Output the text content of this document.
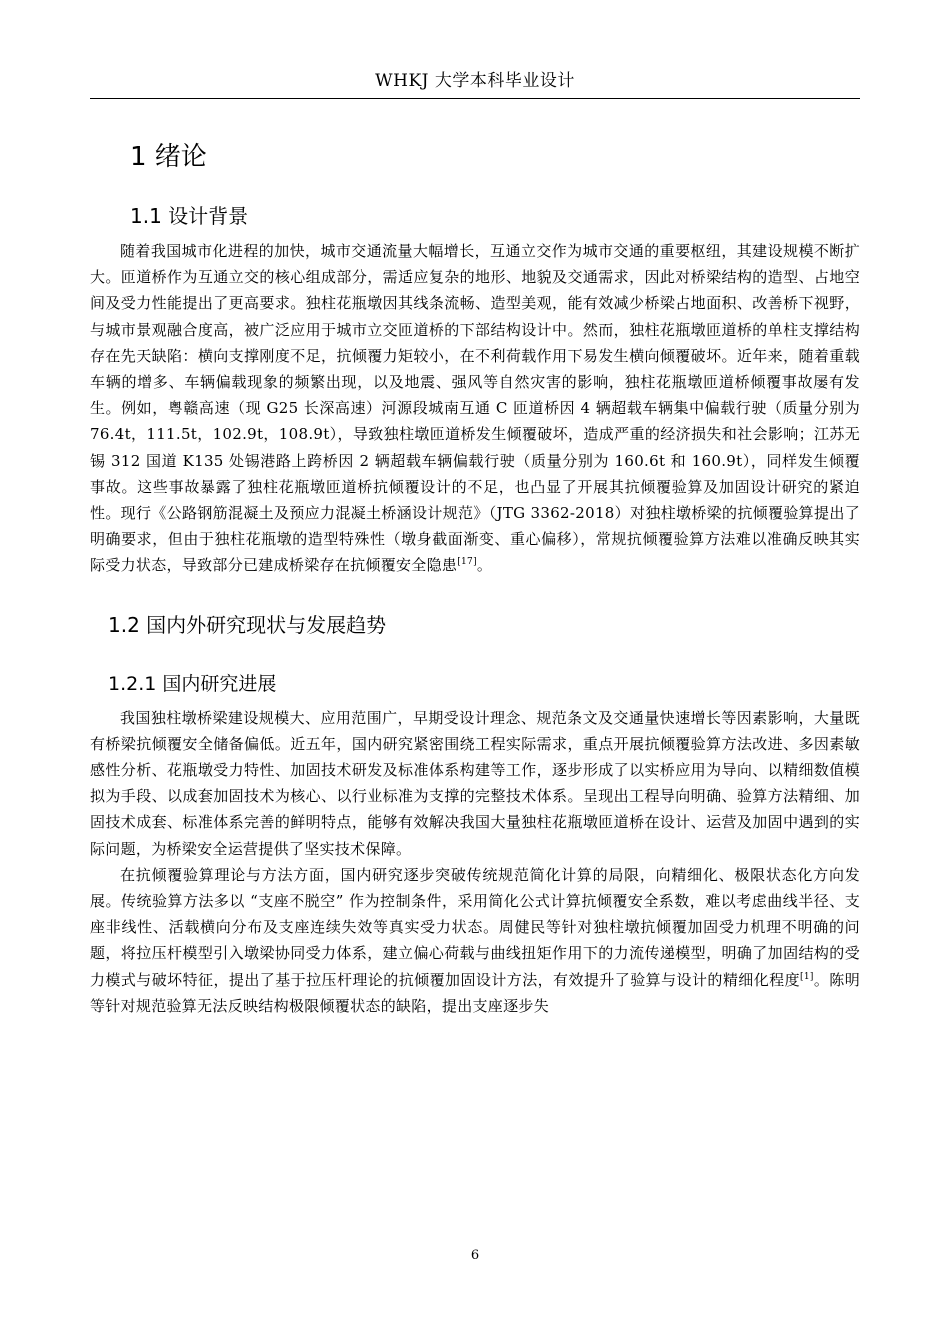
WHKJ 大学本科毕业设计
1 绪论
1.1 设计背景

随着我国城市化进程的加快，城市交通流量大幅增长，互通立交作为城市交通的重要枢纽，其建设规模不断扩大。匝道桥作为互通立交的核心组成部分，需适应复杂的地形、地貌及交通需求，因此对桥梁结构的造型、占地空间及受力性能提出了更高要求。独柱花瓶墩因其线条流畅、造型美观，能有效减少桥梁占地面积、改善桥下视野，与城市景观融合度高，被广泛应用于城市立交匝道桥的下部结构设计中。然而，独柱花瓶墩匝道桥的单柱支撑结构存在先天缺陷：横向支撑刚度不足，抗倾覆力矩较小，在不利荷载作用下易发生横向倾覆破坏。近年来，随着重载车辆的增多、车辆偏载现象的频繁出现，以及地震、强风等自然灾害的影响，独柱花瓶墩匝道桥倾覆事故屡有发生。例如，粤赣高速（现 G25 长深高速）河源段城南互通 C 匝道桥因 4 辆超载车辆集中偏载行驶（质量分别为 76.4t，111.5t，102.9t，108.9t），导致独柱墩匝道桥发生倾覆破坏，造成严重的经济损失和社会影响；江苏无锡 312 国道 K135 处锡港路上跨桥因 2 辆超载车辆偏载行驶（质量分别为 160.6t 和 160.9t），同样发生倾覆事故。这些事故暴露了独柱花瓶墩匝道桥抗倾覆设计的不足，也凸显了开展其抗倾覆验算及加固设计研究的紧迫性。现行《公路钢筋混凝土及预应力混凝土桥涵设计规范》（JTG 3362-2018）对独柱墩桥梁的抗倾覆验算提出了明确要求，但由于独柱花瓶墩的造型特殊性（墩身截面渐变、重心偏移），常规抗倾覆验算方法难以准确反映其实际受力状态，导致部分已建成桥梁存在抗倾覆安全隐患[17]。

1.2 国内外研究现状与发展趋势
1.2.1 国内研究进展

我国独柱墩桥梁建设规模大、应用范围广，早期受设计理念、规范条文及交通量快速增长等因素影响，大量既有桥梁抗倾覆安全储备偏低。近五年，国内研究紧密围绕工程实际需求，重点开展抗倾覆验算方法改进、多因素敏感性分析、花瓶墩受力特性、加固技术研发及标准体系构建等工作，逐步形成了以实桥应用为导向、以精细数值模拟为手段、以成套加固技术为核心、以行业标准为支撑的完整技术体系。呈现出工程导向明确、验算方法精细、加固技术成套、标准体系完善的鲜明特点，能够有效解决我国大量独柱花瓶墩匝道桥在设计、运营及加固中遇到的实际问题，为桥梁安全运营提供了坚实技术保障。

在抗倾覆验算理论与方法方面，国内研究逐步突破传统规范简化计算的局限，向精细化、极限状态化方向发展。传统验算方法多以 “支座不脱空” 作为控制条件，采用简化公式计算抗倾覆安全系数，难以考虑曲线半径、支座非线性、活载横向分布及支座连续失效等真实受力状态。周健民等针对独柱墩抗倾覆加固受力机理不明确的问题，将拉压杆模型引入墩梁协同受力体系，建立偏心荷载与曲线扭矩作用下的力流传递模型，明确了加固结构的受力模式与破坏特征，提出了基于拉压杆理论的抗倾覆加固设计方法，有效提升了验算与设计的精细化程度[1]。陈明等针对规范验算无法反映结构极限倾覆状态的缺陷，提出支座逐步失

6
